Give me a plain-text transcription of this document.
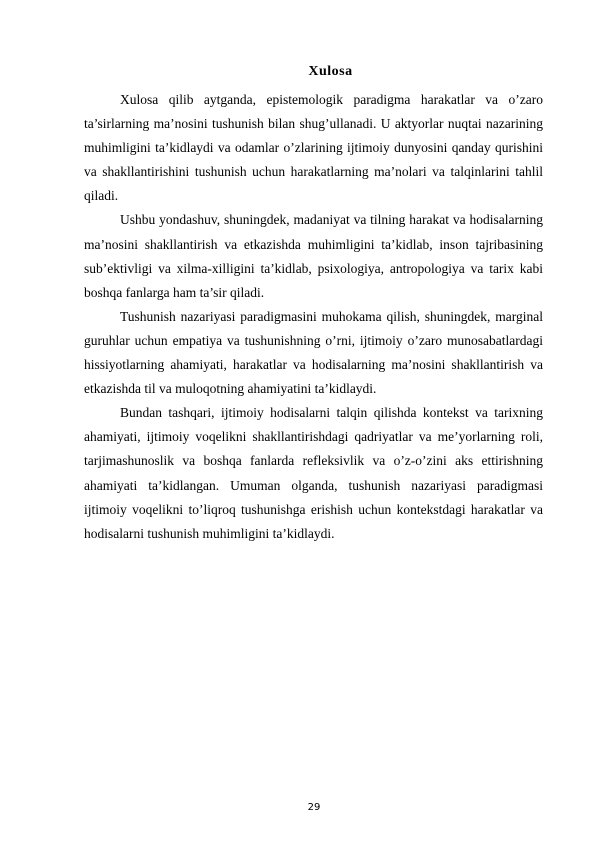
Xulosa

Xulosa qilib aytganda, epistemologik paradigma harakatlar va o’zaro ta’sirlarning ma’nosini tushunish bilan shug’ullanadi. U aktyorlar nuqtai nazarining muhimligini ta’kidlaydi va odamlar o’zlarining ijtimoiy dunyosini qanday qurishini va shakllantirishini tushunish uchun harakatlarning ma’nolari va talqinlarini tahlil qiladi.

Ushbu yondashuv, shuningdek, madaniyat va tilning harakat va hodisalarning ma’nosini shakllantirish va etkazishda muhimligini ta’kidlab, inson tajribasining sub’ektivligi va xilma-xilligini ta’kidlab, psixologiya, antropologiya va tarix kabi boshqa fanlarga ham ta’sir qiladi.

Tushunish nazariyasi paradigmasini muhokama qilish, shuningdek, marginal guruhlar uchun empatiya va tushunishning o’rni, ijtimoiy o’zaro munosabatlardagi hissiyotlarning ahamiyati, harakatlar va hodisalarning ma’nosini shakllantirish va etkazishda til va muloqotning ahamiyatini ta’kidlaydi.

Bundan tashqari, ijtimoiy hodisalarni talqin qilishda kontekst va tarixning ahamiyati, ijtimoiy voqelikni shakllantirishdagi qadriyatlar va me’yorlarning roli, tarjimashunoslik va boshqa fanlarda refleksivlik va o’z-o’zini aks ettirishning ahamiyati ta’kidlangan. Umuman olganda, tushunish nazariyasi paradigmasi ijtimoiy voqelikni to’liqroq tushunishga erishish uchun kontekstdagi harakatlar va hodisalarni tushunish muhimligini ta’kidlaydi.

29
